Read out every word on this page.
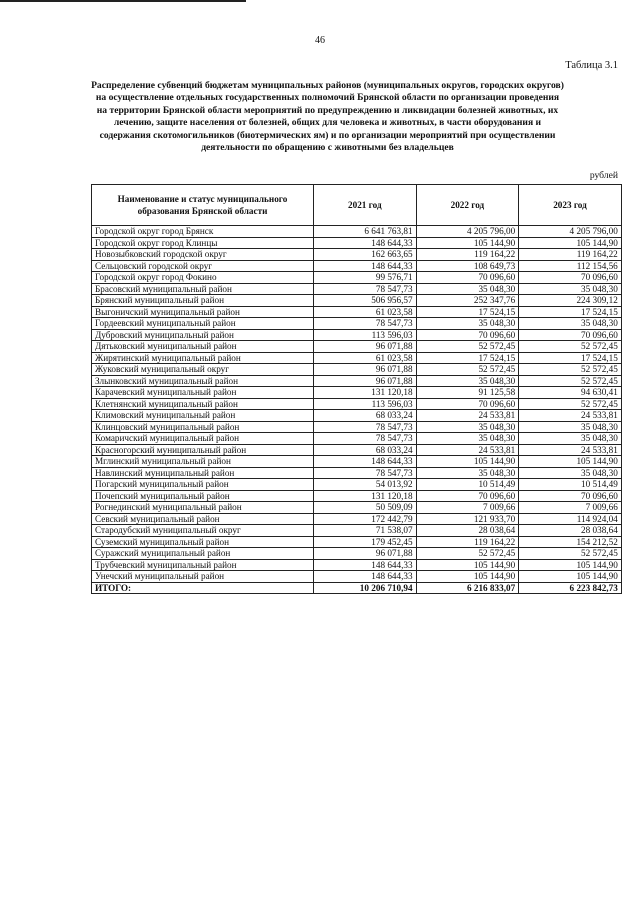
46
Таблица 3.1
Распределение субвенций бюджетам муниципальных районов (муниципальных округов, городских округов) на осуществление отдельных государственных полномочий Брянской области по организации проведения на территории Брянской области мероприятий по предупреждению и ликвидации болезней животных, их лечению, защите населения от болезней, общих для человека и животных, в части оборудования и содержания скотомогильников (биотермических ям) и по организации мероприятий при осуществлении деятельности по обращению с животными без владельцев
рублей
Наименование и статус муниципального образования Брянской области	2021 год	2022 год	2023 год
Городской округ город Брянск	6 641 763,81	4 205 796,00	4 205 796,00
Городской округ город Клинцы	148 644,33	105 144,90	105 144,90
Новозыбковский городской округ	162 663,65	119 164,22	119 164,22
Сельцовский городской округ	148 644,33	108 649,73	112 154,56
Городской округ город Фокино	99 576,71	70 096,60	70 096,60
Брасовский муниципальный район	78 547,73	35 048,30	35 048,30
Брянский муниципальный район	506 956,57	252 347,76	224 309,12
Выгоничский муниципальный район	61 023,58	17 524,15	17 524,15
Гордеевский муниципальный район	78 547,73	35 048,30	35 048,30
Дубровский муниципальный район	113 596,03	70 096,60	70 096,60
Дятьковский муниципальный район	96 071,88	52 572,45	52 572,45
Жирятинский муниципальный район	61 023,58	17 524,15	17 524,15
Жуковский муниципальный округ	96 071,88	52 572,45	52 572,45
Злынковский муниципальный район	96 071,88	35 048,30	52 572,45
Карачевский муниципальный район	131 120,18	91 125,58	94 630,41
Клетнянский муниципальный район	113 596,03	70 096,60	52 572,45
Климовский муниципальный район	68 033,24	24 533,81	24 533,81
Клинцовский муниципальный район	78 547,73	35 048,30	35 048,30
Комаричский муниципальный район	78 547,73	35 048,30	35 048,30
Красногорский муниципальный район	68 033,24	24 533,81	24 533,81
Мглинский муниципальный район	148 644,33	105 144,90	105 144,90
Навлинский муниципальный район	78 547,73	35 048,30	35 048,30
Погарский муниципальный район	54 013,92	10 514,49	10 514,49
Почепский муниципальный район	131 120,18	70 096,60	70 096,60
Рогнединский муниципальный район	50 509,09	7 009,66	7 009,66
Севский муниципальный район	172 442,79	121 933,70	114 924,04
Стародубский муниципальный округ	71 538,07	28 038,64	28 038,64
Суземский муниципальный район	179 452,45	119 164,22	154 212,52
Суражский муниципальный район	96 071,88	52 572,45	52 572,45
Трубчевский муниципальный район	148 644,33	105 144,90	105 144,90
Унечский муниципальный район	148 644,33	105 144,90	105 144,90
ИТОГО:	10 206 710,94	6 216 833,07	6 223 842,73
